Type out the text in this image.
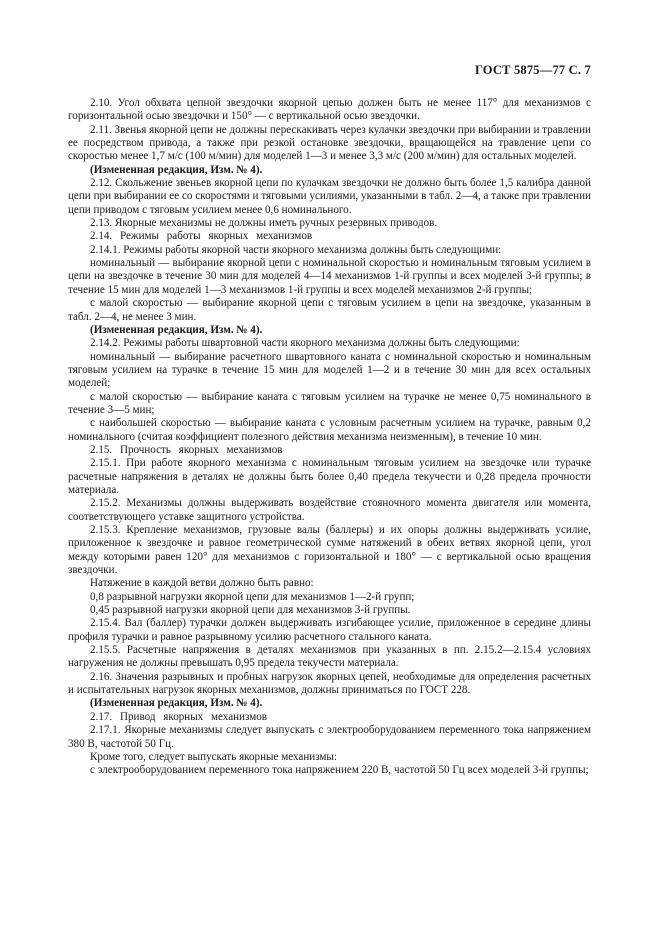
ГОСТ 5875—77 С. 7

2.10. Угол обхвата цепной звездочки якорной цепью должен быть не менее 117° для механизмов с горизонтальной осью звездочки и 150° — с вертикальной осью звездочки.

2.11. Звенья якорной цепи не должны перескакивать через кулачки звездочки при выбирании и травлении ее посредством привода, а также при резкой остановке звездочки, вращающейся на травление цепи со скоростью менее 1,7 м/с (100 м/мин) для моделей 1—3 и менее 3,3 м/с (200 м/мин) для остальных моделей.

(Измененная редакция, Изм. № 4).

2.12. Скольжение звеньев якорной цепи по кулачкам звездочки не должно быть более 1,5 калибра данной цепи при выбирании ее со скоростями и тяговыми усилиями, указанными в табл. 2—4, а также при травлении цепи приводом с тяговым усилием менее 0,6 номинального.

2.13. Якорные механизмы не должны иметь ручных резервных приводов.

2.14. Режимы работы якорных механизмов

2.14.1. Режимы работы якорной части якорного механизма должны быть следующими:

номинальный — выбирание якорной цепи с номинальной скоростью и номинальным тяговым усилием в цепи на звездочке в течение 30 мин для моделей 4—14 механизмов 1-й группы и всех моделей 3-й группы; в течение 15 мин для моделей 1—3 механизмов 1-й группы и всех моделей механизмов 2-й группы;

с малой скоростью — выбирание якорной цепи с тяговым усилием в цепи на звездочке, указанным в табл. 2—4, не менее 3 мин.

(Измененная редакция, Изм. № 4).

2.14.2. Режимы работы швартовной части якорного механизма должны быть следующими:

номинальный — выбирание расчетного швартовного каната с номинальной скоростью и номинальным тяговым усилием на турачке в течение 15 мин для моделей 1—2 и в течение 30 мин для всех остальных моделей;

с малой скоростью — выбирание каната с тяговым усилием на турачке не менее 0,75 номинального в течение 3—5 мин;

с наибольшей скоростью — выбирание каната с условным расчетным усилием на турачке, равным 0,2 номинального (считая коэффициент полезного действия механизма неизменным), в течение 10 мин.

2.15. Прочность якорных механизмов

2.15.1. При работе якорного механизма с номинальным тяговым усилием на звездочке или турачке расчетные напряжения в деталях не должны быть более 0,40 предела текучести и 0,28 предела прочности материала.

2.15.2. Механизмы должны выдерживать воздействие стояночного момента двигателя или момента, соответствующего уставке защитного устройства.

2.15.3. Крепление механизмов, грузовые валы (баллеры) и их опоры должны выдерживать усилие, приложенное к звездочке и равное геометрической сумме натяжений в обеих ветвях якорной цепи, угол между которыми равен 120° для механизмов с горизонтальной и 180° — с вертикальной осью вращения звездочки.

Натяжение в каждой ветви должно быть равно:

0,8 разрывной нагрузки якорной цепи для механизмов 1—2-й групп;

0,45 разрывной нагрузки якорной цепи для механизмов 3-й группы.

2.15.4. Вал (баллер) турачки должен выдерживать изгибающее усилие, приложенное в середине длины профиля турачки и равное разрывному усилию расчетного стального каната.

2.15.5. Расчетные напряжения в деталях механизмов при указанных в пп. 2.15.2—2.15.4 условиях нагружения не должны превышать 0,95 предела текучести материала.

2.16. Значения разрывных и пробных нагрузок якорных цепей, необходимые для определения расчетных и испытательных нагрузок якорных механизмов, должны приниматься по ГОСТ 228.

(Измененная редакция, Изм. № 4).

2.17. Привод якорных механизмов

2.17.1. Якорные механизмы следует выпускать с электрооборудованием переменного тока напряжением 380 В, частотой 50 Гц.

Кроме того, следует выпускать якорные механизмы:

с электрооборудованием переменного тока напряжением 220 В, частотой 50 Гц всех моделей 3-й группы;
